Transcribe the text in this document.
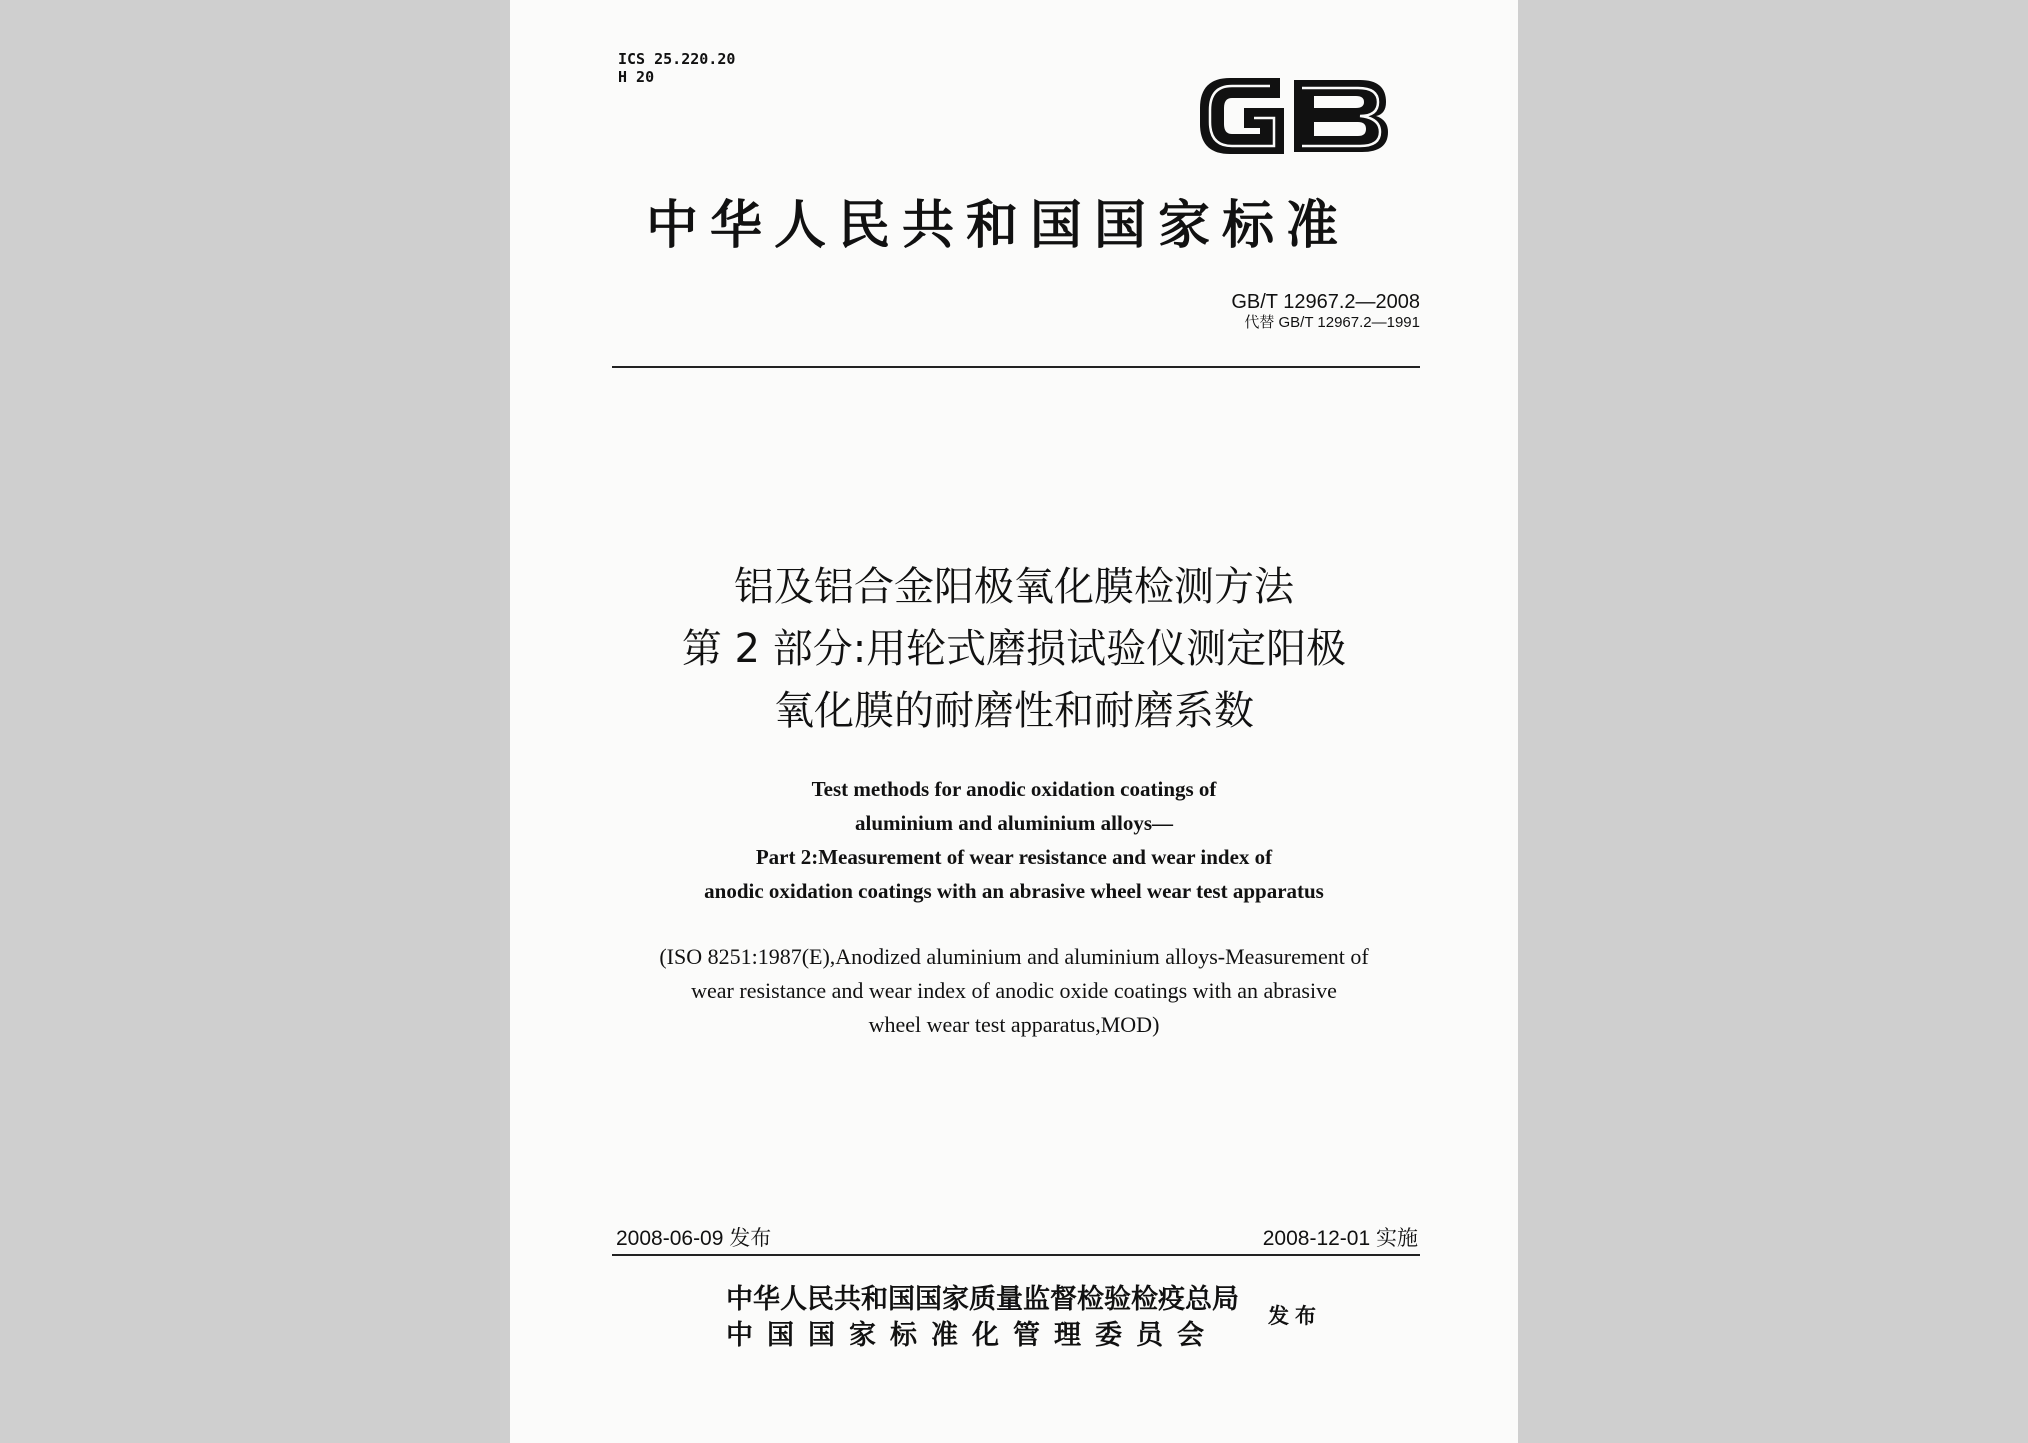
ICS 25.220.20
H 20
中华人民共和国国家标准
GB/T 12967.2—2008
代替 GB/T 12967.2—1991
铝及铝合金阳极氧化膜检测方法
第 2 部分:用轮式磨损试验仪测定阳极
氧化膜的耐磨性和耐磨系数
Test methods for anodic oxidation coatings of
aluminium and aluminium alloys—
Part 2:Measurement of wear resistance and wear index of
anodic oxidation coatings with an abrasive wheel wear test apparatus
(ISO 8251:1987(E),Anodized aluminium and aluminium alloys-Measurement of
wear resistance and wear index of anodic oxide coatings with an abrasive
wheel wear test apparatus,MOD)
2008-06-09 发布	2008-12-01 实施
中华人民共和国国家质量监督检验检疫总局
中国国家标准化管理委员会
发布
